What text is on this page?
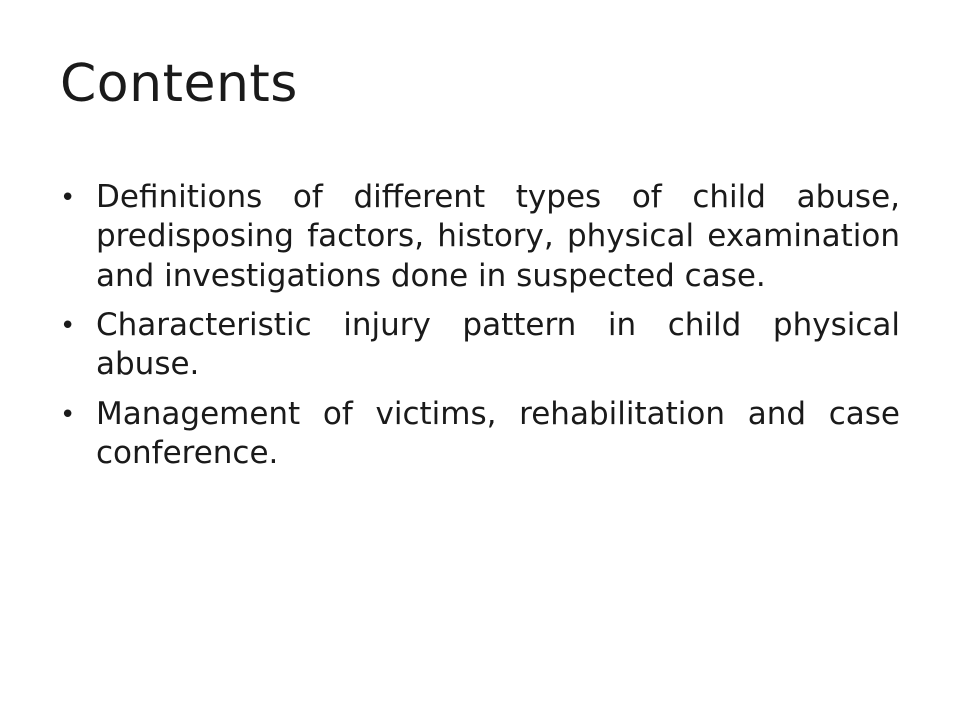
Contents
• Definitions of different types of child abuse, predisposing factors, history, physical examination and investigations done in suspected case.
• Characteristic injury pattern in child physical abuse.
• Management of victims, rehabilitation and case conference.
